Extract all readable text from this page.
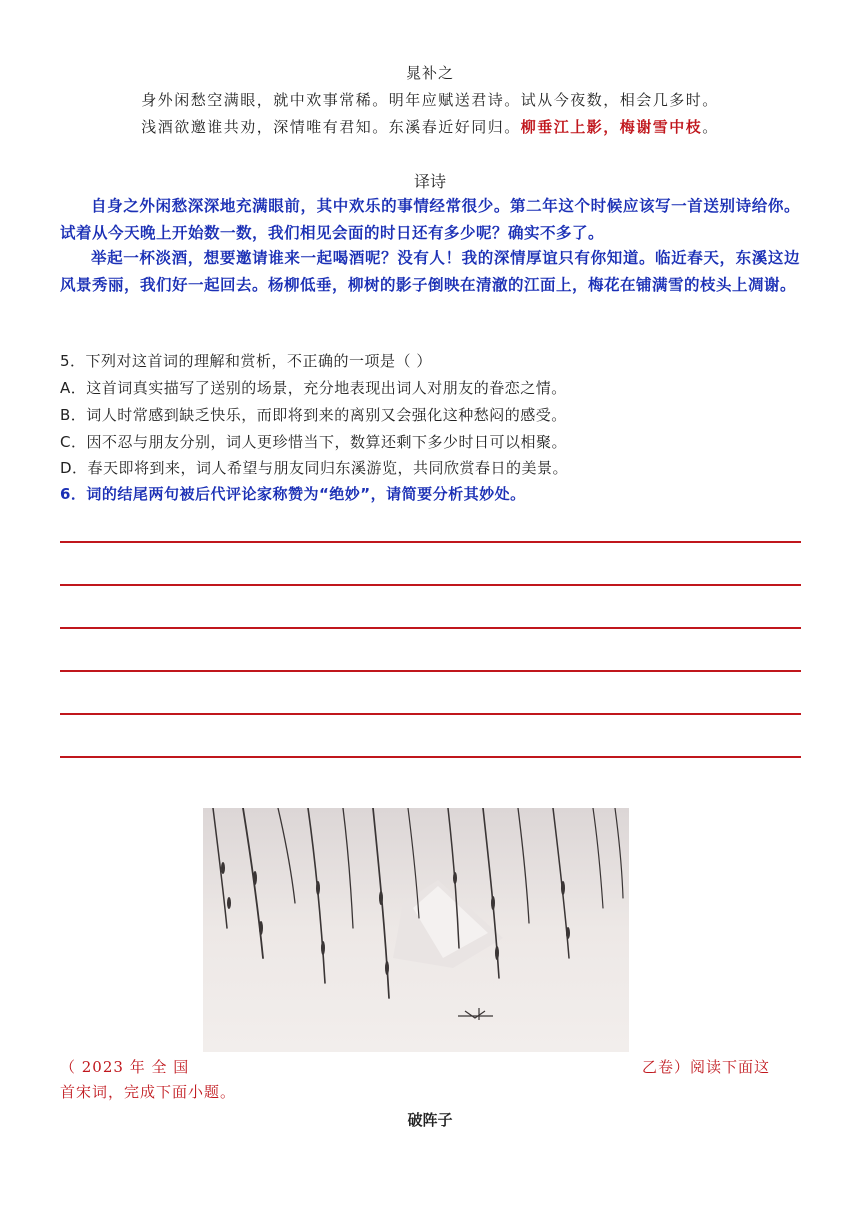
晁补之
身外闲愁空满眼，就中欢事常稀。明年应赋送君诗。试从今夜数，相会几多时。
浅酒欲邀谁共劝，深情唯有君知。东溪春近好同归。柳垂江上影，梅谢雪中枝。
译诗
自身之外闲愁深深地充满眼前，其中欢乐的事情经常很少。第二年这个时候应该写一首送别诗给你。试着从今天晚上开始数一数，我们相见会面的时日还有多少呢？确实不多了。
举起一杯淡酒，想要邀请谁来一起喝酒呢？没有人！我的深情厚谊只有你知道。临近春天，东溪这边风景秀丽，我们好一起回去。杨柳低垂，柳树的影子倒映在清澈的江面上，梅花在铺满雪的枝头上凋谢。
5．下列对这首词的理解和赏析，不正确的一项是（ ）
A．这首词真实描写了送别的场景，充分地表现出词人对朋友的眷恋之情。
B．词人时常感到缺乏快乐，而即将到来的离别又会强化这种愁闷的感受。
C．因不忍与朋友分别，词人更珍惜当下，数算还剩下多少时日可以相聚。
D．春天即将到来，词人希望与朋友同归东溪游览，共同欣赏春日的美景。
6．词的结尾两句被后代评论家称赞为“绝妙”，请简要分析其妙处。
（ 2023 年 全 国	乙卷）阅读下面这
首宋词，完成下面小题。
破阵子
